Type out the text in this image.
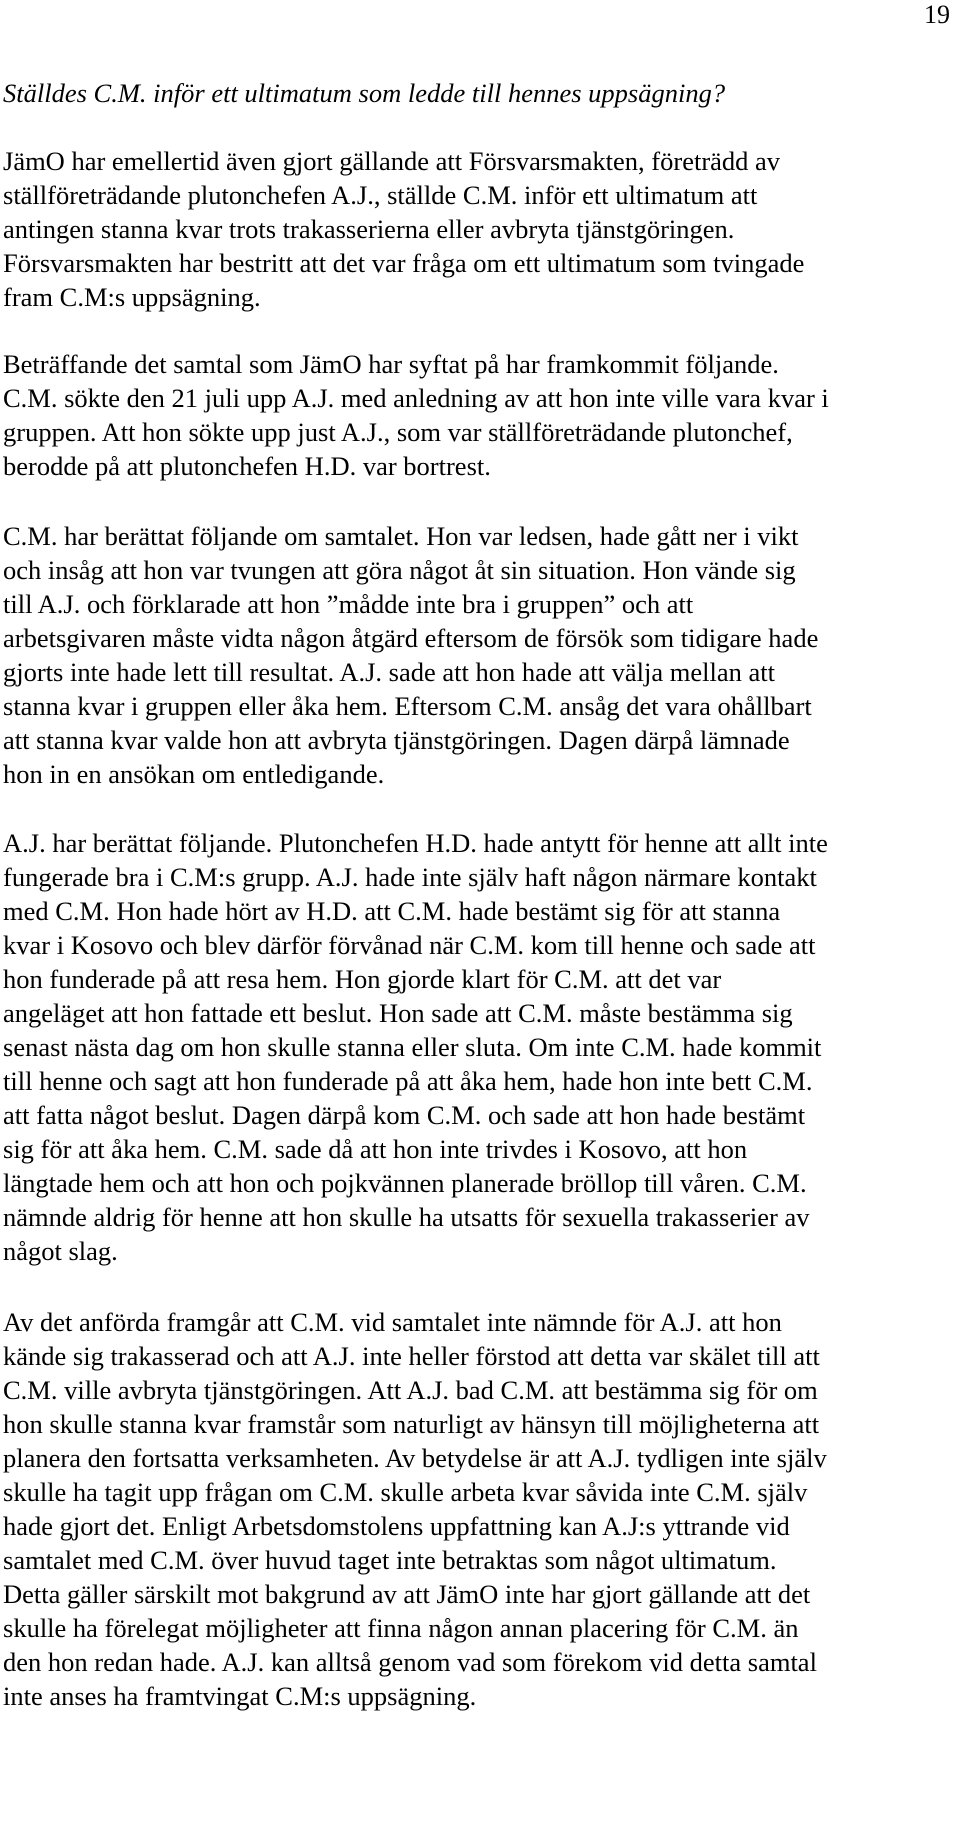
19

Ställdes C.M. inför ett ultimatum som ledde till hennes uppsägning?

JämO har emellertid även gjort gällande att Försvarsmakten, företrädd av
ställföreträdande plutonchefen A.J., ställde C.M. inför ett ultimatum att
antingen stanna kvar trots trakasserierna eller avbryta tjänstgöringen.
Försvarsmakten har bestritt att det var fråga om ett ultimatum som tvingade
fram C.M:s uppsägning.
Beträffande det samtal som JämO har syftat på har framkommit följande.
C.M. sökte den 21 juli upp A.J. med anledning av att hon inte ville vara kvar i
gruppen. Att hon sökte upp just A.J., som var ställföreträdande plutonchef,
berodde på att plutonchefen H.D. var bortrest.
C.M. har berättat följande om samtalet. Hon var ledsen, hade gått ner i vikt
och insåg att hon var tvungen att göra något åt sin situation. Hon vände sig
till A.J. och förklarade att hon ”mådde inte bra i gruppen” och att
arbetsgivaren måste vidta någon åtgärd eftersom de försök som tidigare hade
gjorts inte hade lett till resultat. A.J. sade att hon hade att välja mellan att
stanna kvar i gruppen eller åka hem. Eftersom C.M. ansåg det vara ohållbart
att stanna kvar valde hon att avbryta tjänstgöringen. Dagen därpå lämnade
hon in en ansökan om entledigande.
A.J. har berättat följande. Plutonchefen H.D. hade antytt för henne att allt inte
fungerade bra i C.M:s grupp. A.J. hade inte själv haft någon närmare kontakt
med C.M. Hon hade hört av H.D. att C.M. hade bestämt sig för att stanna
kvar i Kosovo och blev därför förvånad när C.M. kom till henne och sade att
hon funderade på att resa hem. Hon gjorde klart för C.M. att det var
angeläget att hon fattade ett beslut. Hon sade att C.M. måste bestämma sig
senast nästa dag om hon skulle stanna eller sluta. Om inte C.M. hade kommit
till henne och sagt att hon funderade på att åka hem, hade hon inte bett C.M.
att fatta något beslut. Dagen därpå kom C.M. och sade att hon hade bestämt
sig för att åka hem. C.M. sade då att hon inte trivdes i Kosovo, att hon
längtade hem och att hon och pojkvännen planerade bröllop till våren. C.M.
nämnde aldrig för henne att hon skulle ha utsatts för sexuella trakasserier av
något slag.
Av det anförda framgår att C.M. vid samtalet inte nämnde för A.J. att hon
kände sig trakasserad och att A.J. inte heller förstod att detta var skälet till att
C.M. ville avbryta tjänstgöringen. Att A.J. bad C.M. att bestämma sig för om
hon skulle stanna kvar framstår som naturligt av hänsyn till möjligheterna att
planera den fortsatta verksamheten. Av betydelse är att A.J. tydligen inte själv
skulle ha tagit upp frågan om C.M. skulle arbeta kvar såvida inte C.M. själv
hade gjort det. Enligt Arbetsdomstolens uppfattning kan A.J:s yttrande vid
samtalet med C.M. över huvud taget inte betraktas som något ultimatum.
Detta gäller särskilt mot bakgrund av att JämO inte har gjort gällande att det
skulle ha förelegat möjligheter att finna någon annan placering för C.M. än
den hon redan hade. A.J. kan alltså genom vad som förekom vid detta samtal
inte anses ha framtvingat C.M:s uppsägning.
